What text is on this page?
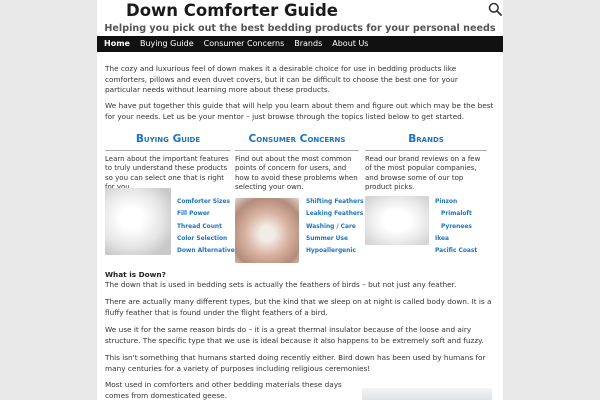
Down Comforter Guide
Helping you pick out the best bedding products for your personal needs
Home	Buying Guide	Consumer Concerns	Brands	About Us

The cozy and luxurious feel of down makes it a desirable choice for use in bedding products like comforters, pillows and even duvet covers, but it can be difficult to choose the best one for your particular needs without learning more about these products.

We have put together this guide that will help you learn about them and figure out which may be the best for your needs. Let us be your mentor – just browse through the topics listed below to get started.

Buying Guide
Learn about the important features to truly understand these products so you can select one that is right
Comforter Sizes
Fill Power
Thread Count
Color Selection
Down Alternative
Consumer Concerns
Find out about the most common points of concern for users, and how to avoid these problems when selecting your own.
Shifting Feathers
Leaking Feathers
Washing / Care
Summer Use
Hypoallergenic
Brands
Read our brand reviews on a few of the most popular companies, and browse some of our top product picks.
Pinzon
Primaloft
Pyrenees
Ikea
Pacific Coast
What is Down?

The down that is used in bedding sets is actually the feathers of birds – but not just any feather.

There are actually many different types, but the kind that we sleep on at night is called body down. It is a fluffy feather that is found under the flight feathers of a bird.

We use it for the same reason birds do – it is a great thermal insulator because of the loose and airy structure. The specific type that we use is ideal because it also happens to be extremely soft and fuzzy.

This isn't something that humans started doing recently either. Bird down has been used by humans for many centuries for a variety of purposes including religious ceremonies!

Most used in comforters and other bedding materials these days comes from domesticated geese.
